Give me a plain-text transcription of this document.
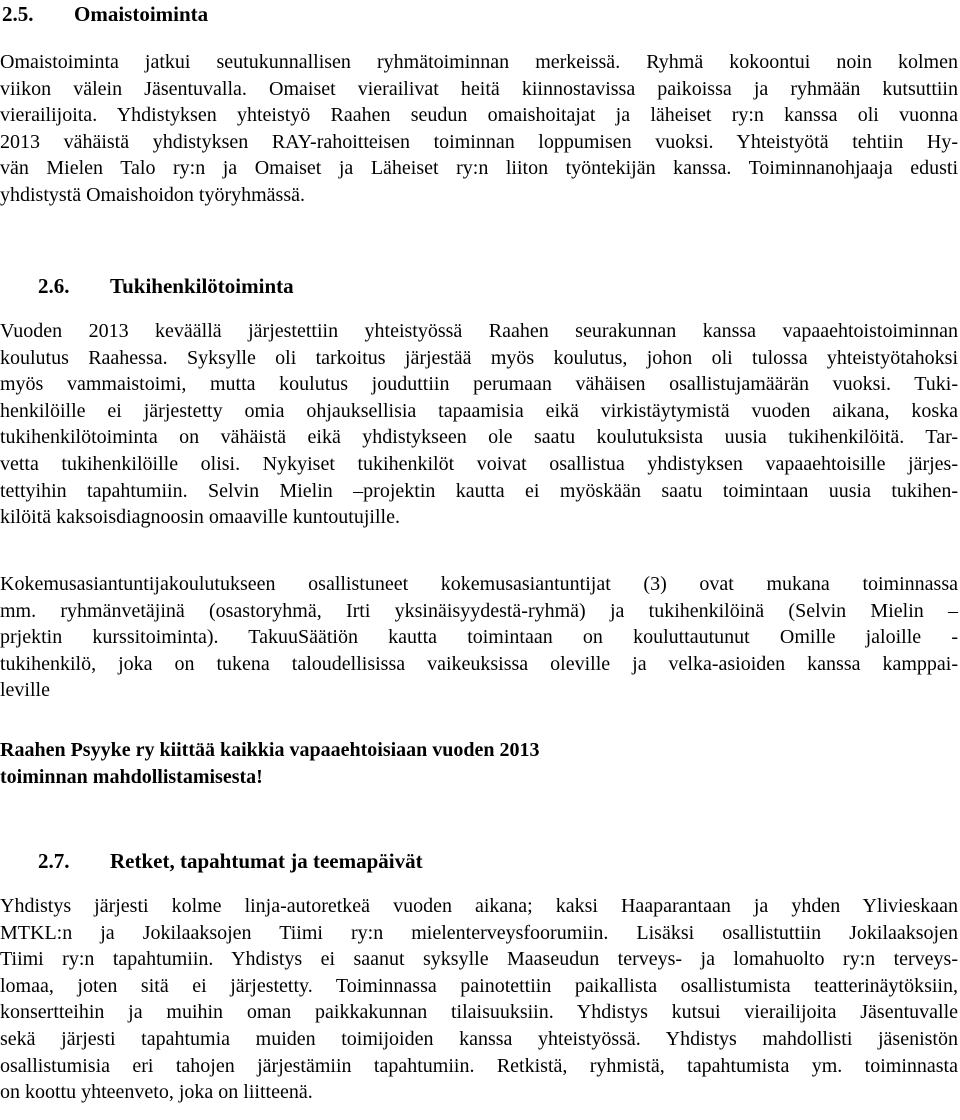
2.5. Omaistoiminta
Omaistoiminta jatkui seutukunnallisen ryhmätoiminnan merkeissä. Ryhmä kokoontui noin kolmen
viikon välein Jäsentuvalla. Omaiset vierailivat heitä kiinnostavissa paikoissa ja ryhmään kutsuttiin
vierailijoita. Yhdistyksen yhteistyö Raahen seudun omaishoitajat ja läheiset ry:n kanssa oli vuonna
2013 vähäistä yhdistyksen RAY-rahoitteisen toiminnan loppumisen vuoksi. Yhteistyötä tehtiin Hy-
vän Mielen Talo ry:n ja Omaiset ja Läheiset ry:n liiton työntekijän kanssa. Toiminnanohjaaja edusti
yhdistystä Omaishoidon työryhmässä.
2.6. Tukihenkilötoiminta
Vuoden 2013 keväällä järjestettiin yhteistyössä Raahen seurakunnan kanssa vapaaehtoistoiminnan
koulutus Raahessa. Syksylle oli tarkoitus järjestää myös koulutus, johon oli tulossa yhteistyötahoksi
myös vammaistoimi, mutta koulutus jouduttiin perumaan vähäisen osallistujamäärän vuoksi. Tuki-
henkilöille ei järjestetty omia ohjauksellisia tapaamisia eikä virkistäytymistä vuoden aikana, koska
tukihenkilötoiminta on vähäistä eikä yhdistykseen ole saatu koulutuksista uusia tukihenkilöitä. Tar-
vetta tukihenkilöille olisi. Nykyiset tukihenkilöt voivat osallistua yhdistyksen vapaaehtoisille järjes-
tettyihin tapahtumiin. Selvin Mielin –projektin kautta ei myöskään saatu toimintaan uusia tukihen-
kilöitä kaksoisdiagnoosin omaaville kuntoutujille.
Kokemusasiantuntijakoulutukseen osallistuneet kokemusasiantuntijat (3) ovat mukana toiminnassa
mm. ryhmänvetäjinä (osastoryhmä, Irti yksinäisyydestä-ryhmä) ja tukihenkilöinä (Selvin Mielin –
prjektin kurssitoiminta). TakuuSäätiön kautta toimintaan on kouluttautunut Omille jaloille -
tukihenkilö, joka on tukena taloudellisissa vaikeuksissa oleville ja velka-asioiden kanssa kamppai-
leville
Raahen Psyyke ry kiittää kaikkia vapaaehtoisiaan vuoden 2013
toiminnan mahdollistamisesta!
2.7. Retket, tapahtumat ja teemapäivät
Yhdistys järjesti kolme linja-autoretkeä vuoden aikana; kaksi Haaparantaan ja yhden Ylivieskaan
MTKL:n ja Jokilaaksojen Tiimi ry:n mielenterveysfoorumiin. Lisäksi osallistuttiin Jokilaaksojen
Tiimi ry:n tapahtumiin. Yhdistys ei saanut syksylle Maaseudun terveys- ja lomahuolto ry:n terveys-
lomaa, joten sitä ei järjestetty. Toiminnassa painotettiin paikallista osallistumista teatterinäytöksiin,
konsertteihin ja muihin oman paikkakunnan tilaisuuksiin. Yhdistys kutsui vierailijoita Jäsentuvalle
sekä järjesti tapahtumia muiden toimijoiden kanssa yhteistyössä. Yhdistys mahdollisti jäsenistön
osallistumisia eri tahojen järjestämiin tapahtumiin. Retkistä, ryhmistä, tapahtumista ym. toiminnasta
on koottu yhteenveto, joka on liitteenä.
